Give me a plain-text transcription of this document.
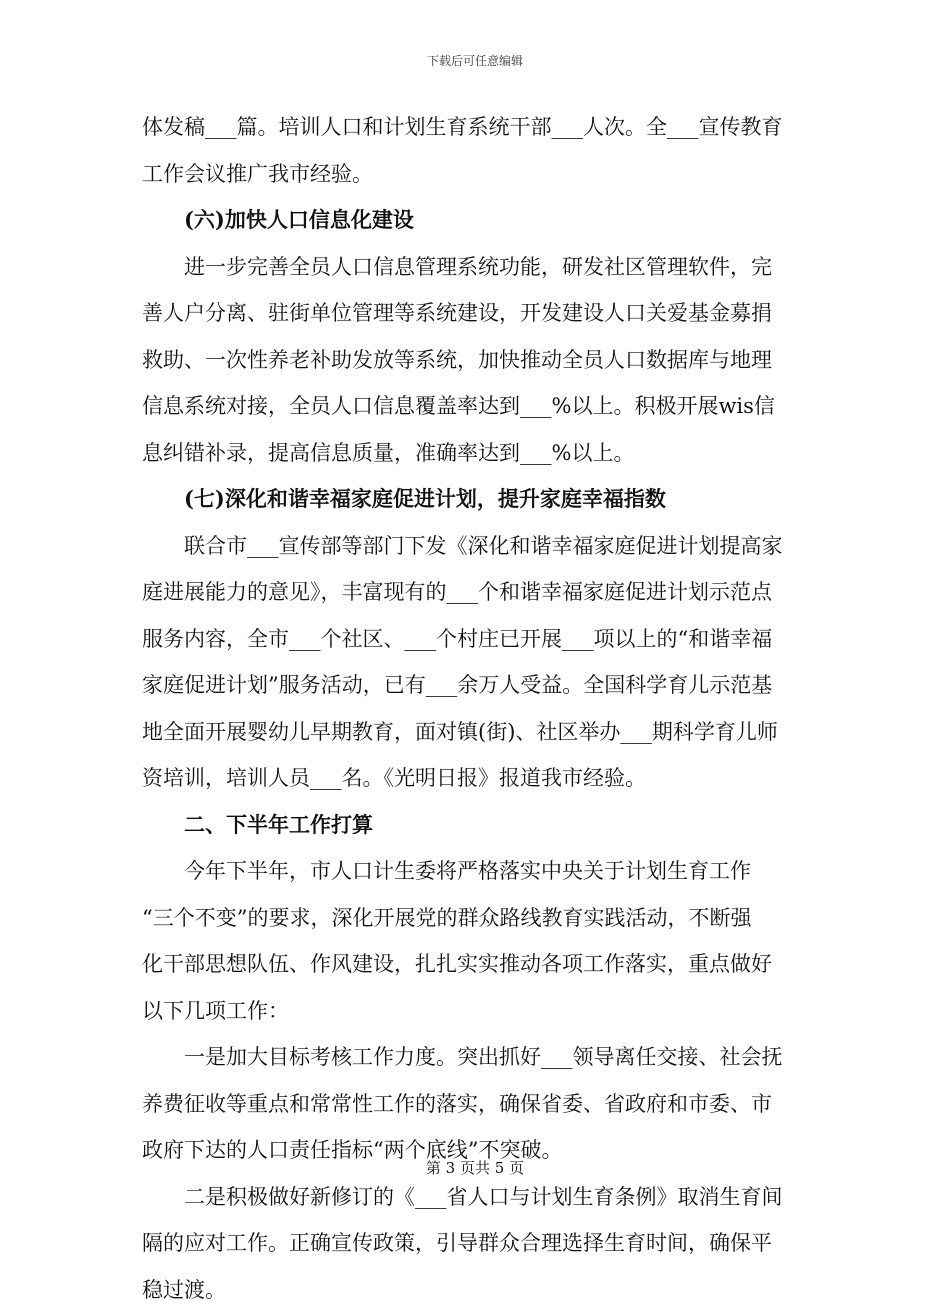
下载后可任意编辑
体发稿___篇。培训人口和计划生育系统干部___人次。全___宣传教育
工作会议推广我市经验。
(六)加快人口信息化建设
进一步完善全员人口信息管理系统功能，研发社区管理软件，完
善人户分离、驻街单位管理等系统建设，开发建设人口关爱基金募捐
救助、一次性养老补助发放等系统，加快推动全员人口数据库与地理
信息系统对接，全员人口信息覆盖率达到___%以上。积极开展wis信
息纠错补录，提高信息质量，准确率达到___%以上。
(七)深化和谐幸福家庭促进计划，提升家庭幸福指数
联合市___宣传部等部门下发《深化和谐幸福家庭促进计划提高家
庭进展能力的意见》，丰富现有的___个和谐幸福家庭促进计划示范点
服务内容，全市___个社区、___个村庄已开展___项以上的“和谐幸福
家庭促进计划”服务活动，已有___余万人受益。全国科学育儿示范基
地全面开展婴幼儿早期教育，面对镇(街)、社区举办___期科学育儿师
资培训，培训人员___名。《光明日报》报道我市经验。
二、下半年工作打算
今年下半年，市人口计生委将严格落实中央关于计划生育工作
“三个不变”的要求，深化开展党的群众路线教育实践活动，不断强
化干部思想队伍、作风建设，扎扎实实推动各项工作落实，重点做好
以下几项工作：
一是加大目标考核工作力度。突出抓好___领导离任交接、社会抚
养费征收等重点和常常性工作的落实，确保省委、省政府和市委、市
政府下达的人口责任指标“两个底线”不突破。
二是积极做好新修订的《___省人口与计划生育条例》取消生育间
隔的应对工作。正确宣传政策，引导群众合理选择生育时间，确保平
稳过渡。
第 3 页共 5 页
